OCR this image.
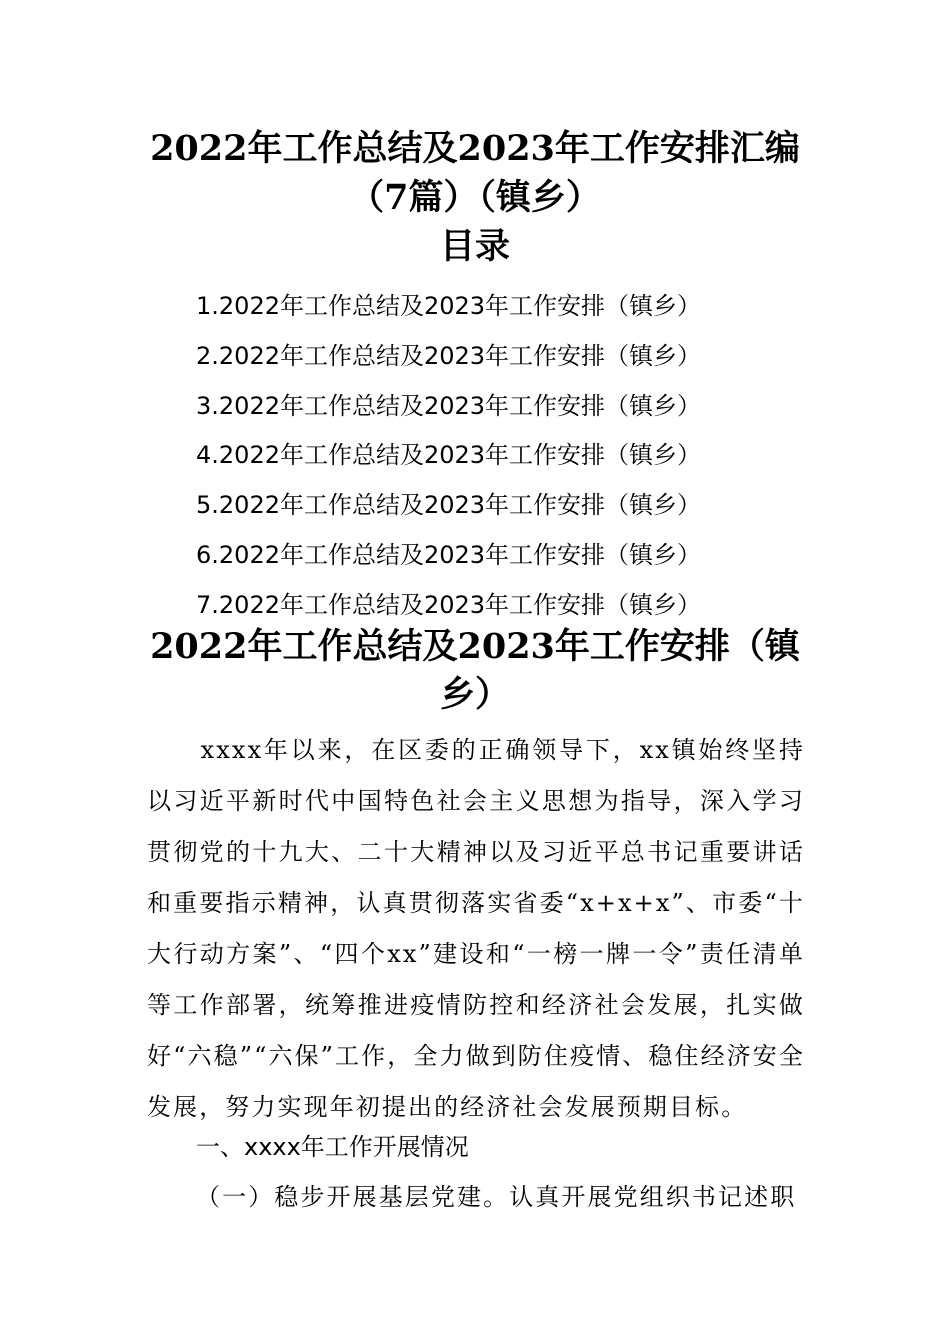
2022年工作总结及2023年工作安排汇编
（7篇）（镇乡）
目录
1.2022年工作总结及2023年工作安排（镇乡）
2.2022年工作总结及2023年工作安排（镇乡）
3.2022年工作总结及2023年工作安排（镇乡）
4.2022年工作总结及2023年工作安排（镇乡）
5.2022年工作总结及2023年工作安排（镇乡）
6.2022年工作总结及2023年工作安排（镇乡）
7.2022年工作总结及2023年工作安排（镇乡）
2022年工作总结及2023年工作安排（镇
乡）
　　xxxx年以来，在区委的正确领导下，xx镇始终坚持以习近平新时代中国特色社会主义思想为指导，深入学习贯彻党的十九大、二十大精神以及习近平总书记重要讲话和重要指示精神，认真贯彻落实省委“x+x+x”、市委“十大行动方案”、“四个xx”建设和“一榜一牌一令”责任清单等工作部署，统筹推进疫情防控和经济社会发展，扎实做好“六稳”“六保”工作，全力做到防住疫情、稳住经济安全发展，努力实现年初提出的经济社会发展预期目标。
一、xxxx年工作开展情况
（一）稳步开展基层党建。认真开展党组织书记述职
